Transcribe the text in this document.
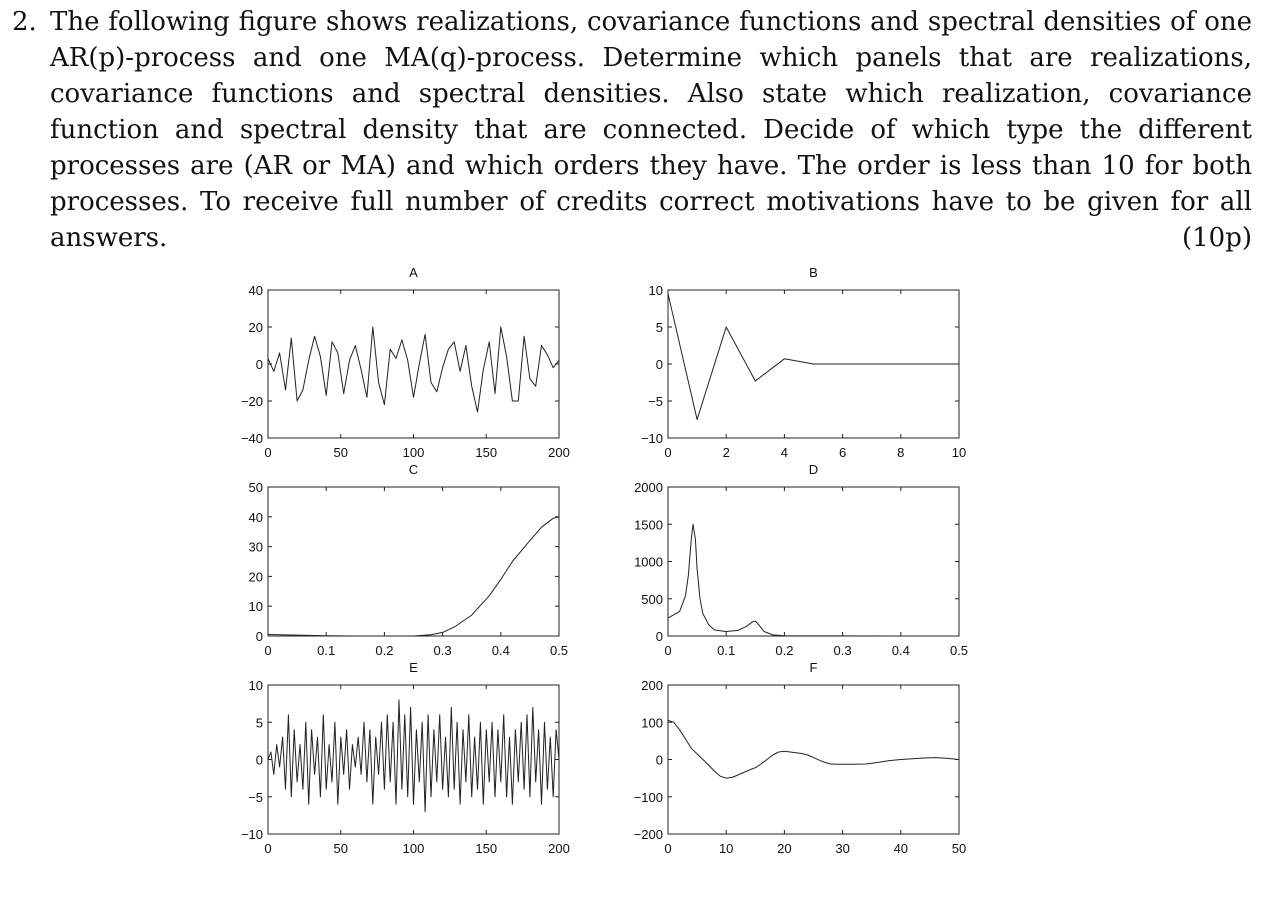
2. The following figure shows realizations, covariance functions and spectral densities of one AR(p)-process and one MA(q)-process. Determine which panels that are realizations, covariance functions and spectral densities. Also state which realization, covariance function and spectral density that are connected. Decide of which type the different processes are (AR or MA) and which orders they have. The order is less than 10 for both processes. To receive full number of credits correct motivations have to be given for all answers.	(10p)
A
0	50	100	150	200
−40
−20
0
20
40
B
0	2	4	6	8	10
−10
−5
0
5
10
C
0	0.1	0.2	0.3	0.4	0.5
0
10
20
30
40
50
D
0	0.1	0.2	0.3	0.4	0.5
0
500
1000
1500
2000
E
0	50	100	150	200
−10
−5
0
5
10
F
0	10	20	30	40	50
−200
−100
0
100
200
